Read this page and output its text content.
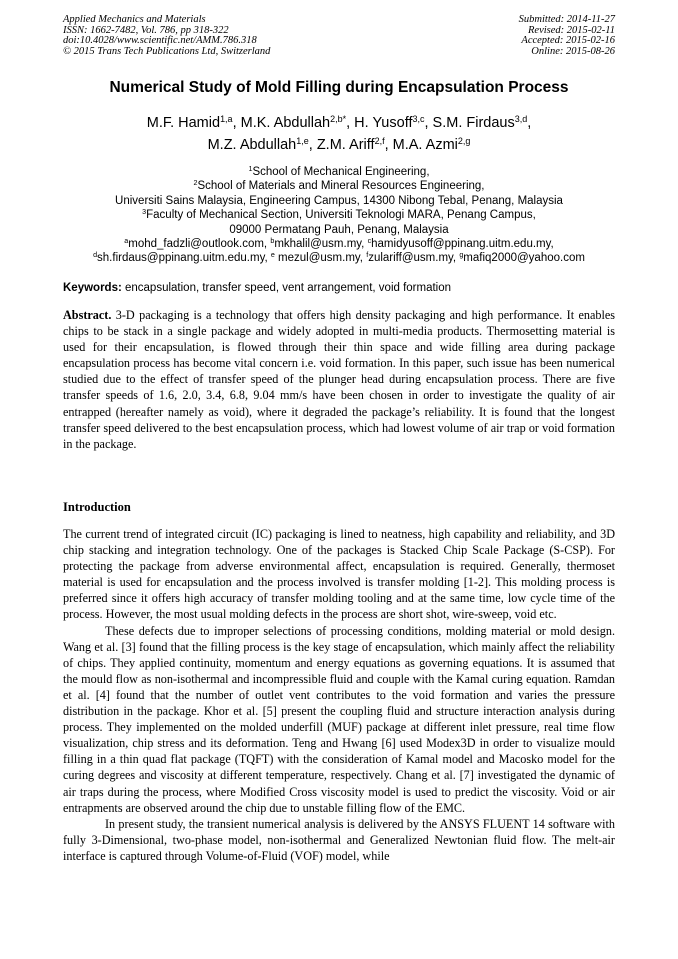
Applied Mechanics and Materials
ISSN: 1662-7482, Vol. 786, pp 318-322
doi:10.4028/www.scientific.net/AMM.786.318
© 2015 Trans Tech Publications Ltd, Switzerland
Submitted: 2014-11-27
Revised: 2015-02-11
Accepted: 2015-02-16
Online: 2015-08-26
Numerical Study of Mold Filling during Encapsulation Process
M.F. Hamid$^{1,a}$, M.K. Abdullah$^{2,b*}$, H. Yusoff$^{3,c}$, S.M. Firdaus$^{3,d}$,
M.Z. Abdullah$^{1,e}$, Z.M. Ariff$^{2,f}$, M.A. Azmi$^{2,g}$
$^1$School of Mechanical Engineering,
$^2$School of Materials and Mineral Resources Engineering,
Universiti Sains Malaysia, Engineering Campus, 14300 Nibong Tebal, Penang, Malaysia
$^3$Faculty of Mechanical Section, Universiti Teknologi MARA, Penang Campus,
09000 Permatang Pauh, Penang, Malaysia
$^a$mohd_fadzli@outlook.com, $^b$mkhalil@usm.my, $^c$hamidyusoff@ppinang.uitm.edu.my,
$^d$sh.firdaus@ppinang.uitm.edu.my, $^e$ mezul@usm.my, $^f$zulariff@usm.my, $^g$mafiq2000@yahoo.com
Keywords: encapsulation, transfer speed, vent arrangement, void formation

Abstract. 3-D packaging is a technology that offers high density packaging and high performance. It enables chips to be stack in a single package and widely adopted in multi-media products. Thermosetting material is used for their encapsulation, is flowed through their thin space and wide filling area during package encapsulation process has become vital concern i.e. void formation. In this paper, such issue has been numerical studied due to the effect of transfer speed of the plunger head during encapsulation process. There are five transfer speeds of 1.6, 2.0, 3.4, 6.8, 9.04 mm/s have been chosen in order to investigate the quality of air entrapped (hereafter namely as void), where it degraded the package’s reliability. It is found that the longest transfer speed delivered to the best encapsulation process, which had lowest volume of air trap or void formation in the package.

Introduction

The current trend of integrated circuit (IC) packaging is lined to neatness, high capability and reliability, and 3D chip stacking and integration technology. One of the packages is Stacked Chip Scale Package (S-CSP). For protecting the package from adverse environmental affect, encapsulation is required. Generally, thermoset material is used for encapsulation and the process involved is transfer molding [1-2]. This molding process is preferred since it offers high accuracy of transfer molding tooling and at the same time, low cycle time of the process. However, the most usual molding defects in the process are short shot, wire-sweep, void etc.

These defects due to improper selections of processing conditions, molding material or mold design. Wang et al. [3] found that the filling process is the key stage of encapsulation, which mainly affect the reliability of chips. They applied continuity, momentum and energy equations as governing equations. It is assumed that the mould flow as non-isothermal and incompressible fluid and couple with the Kamal curing equation. Ramdan et al. [4] found that the number of outlet vent contributes to the void formation and varies the pressure distribution in the package. Khor et al. [5] present the coupling fluid and structure interaction analysis during process. They implemented on the molded underfill (MUF) package at different inlet pressure, real time flow visualization, chip stress and its deformation. Teng and Hwang [6] used Modex3D in order to visualize mould filling in a thin quad flat package (TQFT) with the consideration of Kamal model and Macosko model for the curing degrees and viscosity at different temperature, respectively. Chang et al. [7] investigated the dynamic of air traps during the process, where Modified Cross viscosity model is used to predict the viscosity. Void or air entrapments are observed around the chip due to unstable filling flow of the EMC.

In present study, the transient numerical analysis is delivered by the ANSYS FLUENT 14 software with fully 3-Dimensional, two-phase model, non-isothermal and Generalized Newtonian fluid flow. The melt-air interface is captured through Volume-of-Fluid (VOF) model, while
